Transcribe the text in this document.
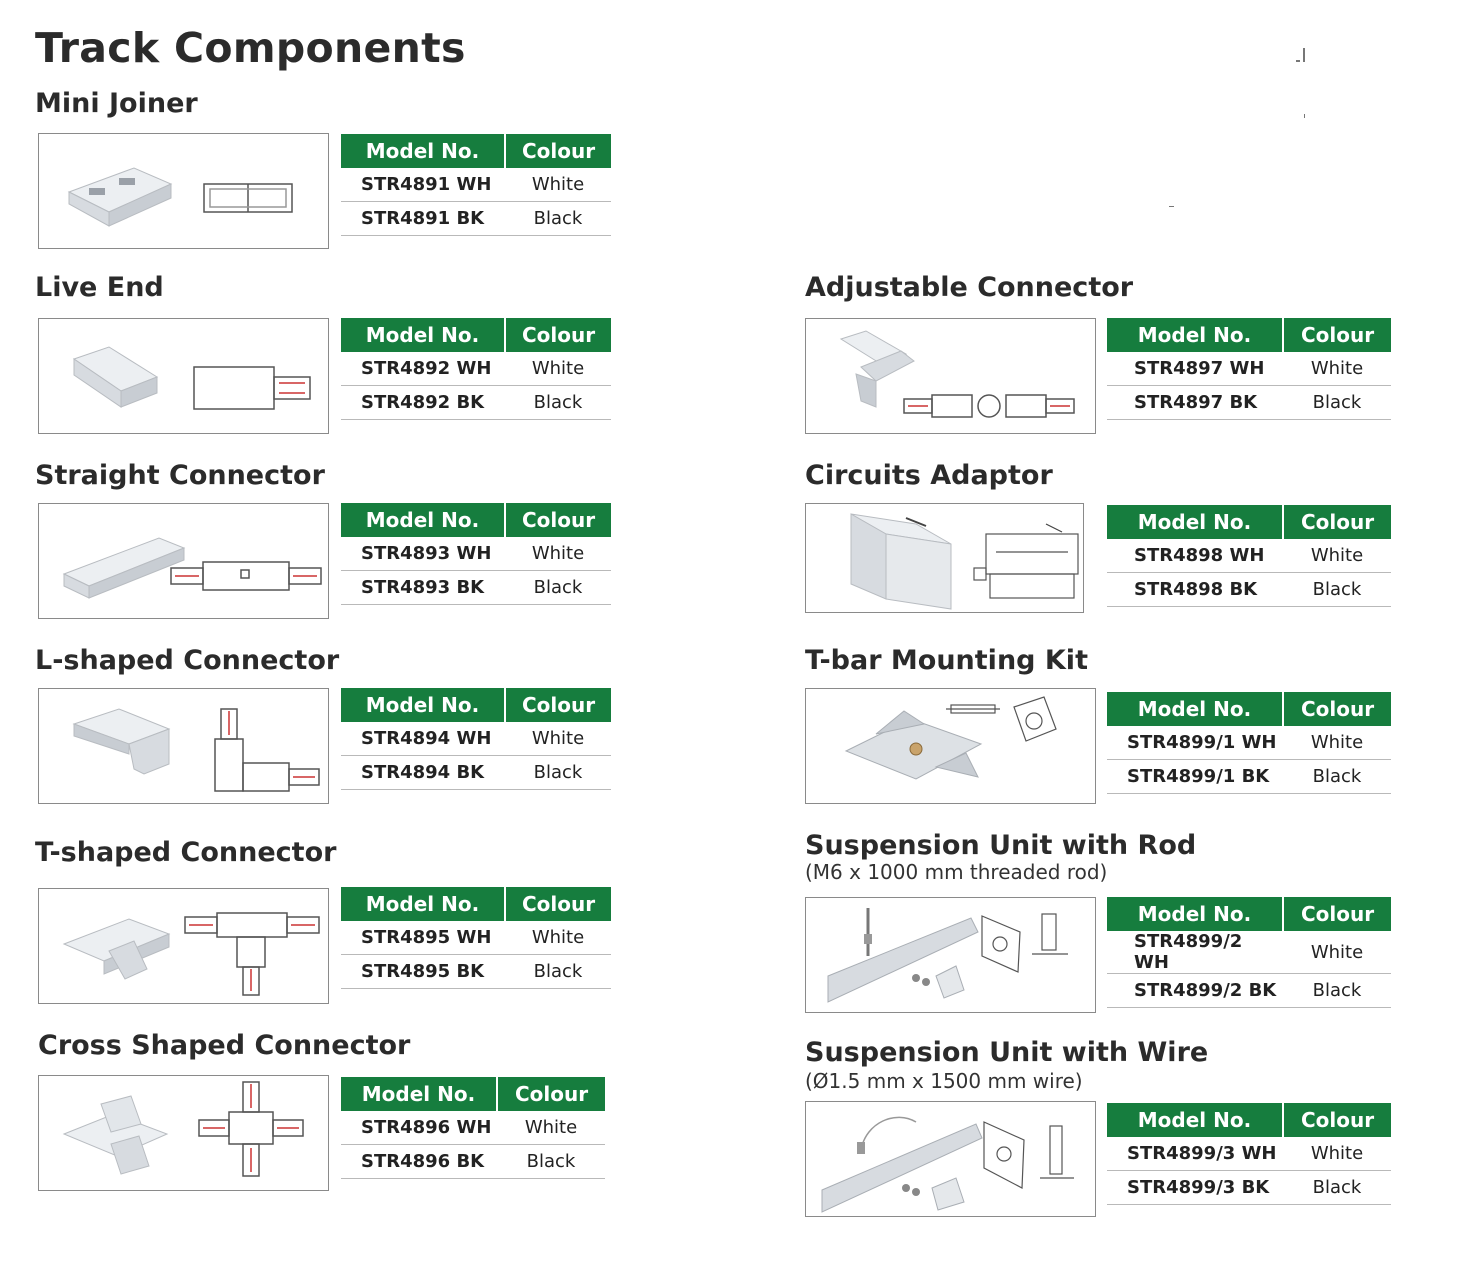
Track Components
Mini Joiner
Model No.	Colour
STR4891 WH	White
STR4891 BK	Black
Live End
Model No.	Colour
STR4892 WH	White
STR4892 BK	Black
Straight Connector
Model No.	Colour
STR4893 WH	White
STR4893 BK	Black
L-shaped Connector
Model No.	Colour
STR4894 WH	White
STR4894 BK	Black
T-shaped Connector
Model No.	Colour
STR4895 WH	White
STR4895 BK	Black
Cross Shaped Connector
Model No.	Colour
STR4896 WH	White
STR4896 BK	Black
Adjustable Connector
Model No.	Colour
STR4897 WH	White
STR4897 BK	Black
Circuits Adaptor
Model No.	Colour
STR4898 WH	White
STR4898 BK	Black
T-bar Mounting Kit
Model No.	Colour
STR4899/1 WH	White
STR4899/1 BK	Black
Suspension Unit with Rod
(M6 x 1000 mm threaded rod)
Model No.	Colour
STR4899/2 WH	White
STR4899/2 BK	Black
Suspension Unit with Wire
(Ø1.5 mm x 1500 mm wire)
Model No.	Colour
STR4899/3 WH	White
STR4899/3 BK	Black
